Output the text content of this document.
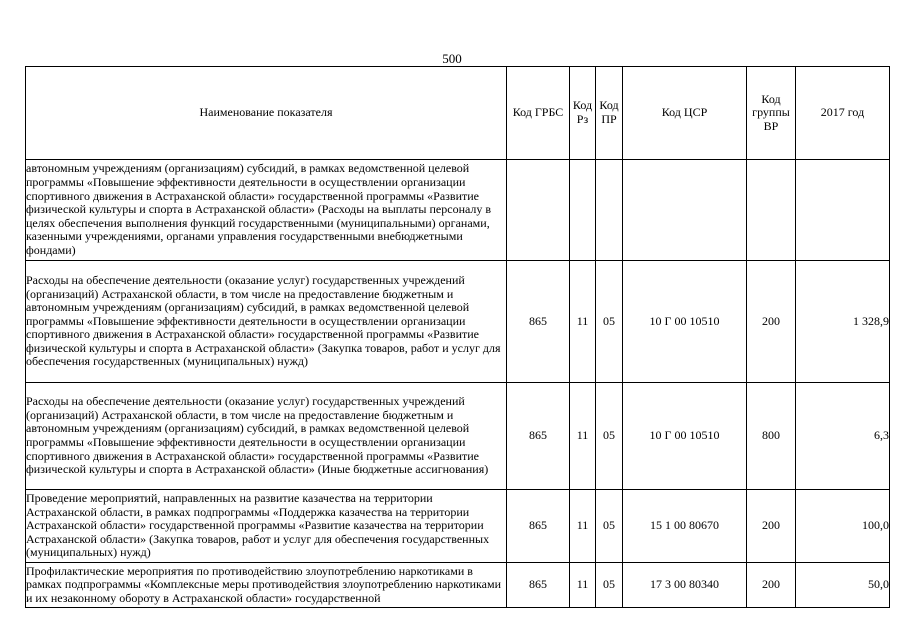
500
Наименование показателя	Код ГРБС	Код Рз	Код ПР	Код ЦСР	Код группы ВР	2017 год
автономным учреждениям (организациям) субсидий, в рамках ведомственной целевой программы «Повышение эффективности деятельности в осуществлении организации спортивного движения в Астраханской области» государственной программы «Развитие физической культуры и спорта в Астраханской области» (Расходы на выплаты персоналу в целях обеспечения выполнения функций государственными (муниципальными) органами, казенными учреждениями, органами управления государственными внебюджетными фондами)						
Расходы на обеспечение деятельности (оказание услуг) государственных учреждений (организаций) Астраханской области, в том числе на предоставление бюджетным и автономным учреждениям (организациям) субсидий, в рамках ведомственной целевой программы «Повышение эффективности деятельности в осуществлении организации спортивного движения в Астраханской области» государственной программы «Развитие физической культуры и спорта в Астраханской области» (Закупка товаров, работ и услуг для обеспечения государственных (муниципальных) нужд)	865	11	05	10 Г 00 10510	200	1 328,9
Расходы на обеспечение деятельности (оказание услуг) государственных учреждений (организаций) Астраханской области, в том числе на предоставление бюджетным и автономным учреждениям (организациям) субсидий, в рамках ведомственной целевой программы «Повышение эффективности деятельности в осуществлении организации спортивного движения в Астраханской области» государственной программы «Развитие физической культуры и спорта в Астраханской области» (Иные бюджетные ассигнования)	865	11	05	10 Г 00 10510	800	6,3
Проведение мероприятий, направленных на развитие казачества на территории Астраханской области, в рамках подпрограммы «Поддержка казачества на территории Астраханской области» государственной программы «Развитие казачества на территории Астраханской области» (Закупка товаров, работ и услуг для обеспечения государственных (муниципальных) нужд)	865	11	05	15 1 00 80670	200	100,0
Профилактические мероприятия по противодействию злоупотреблению наркотиками в рамках подпрограммы «Комплексные меры противодействия злоупотреблению наркотиками и их незаконному обороту в Астраханской области» государственной	865	11	05	17 3 00 80340	200	50,0
